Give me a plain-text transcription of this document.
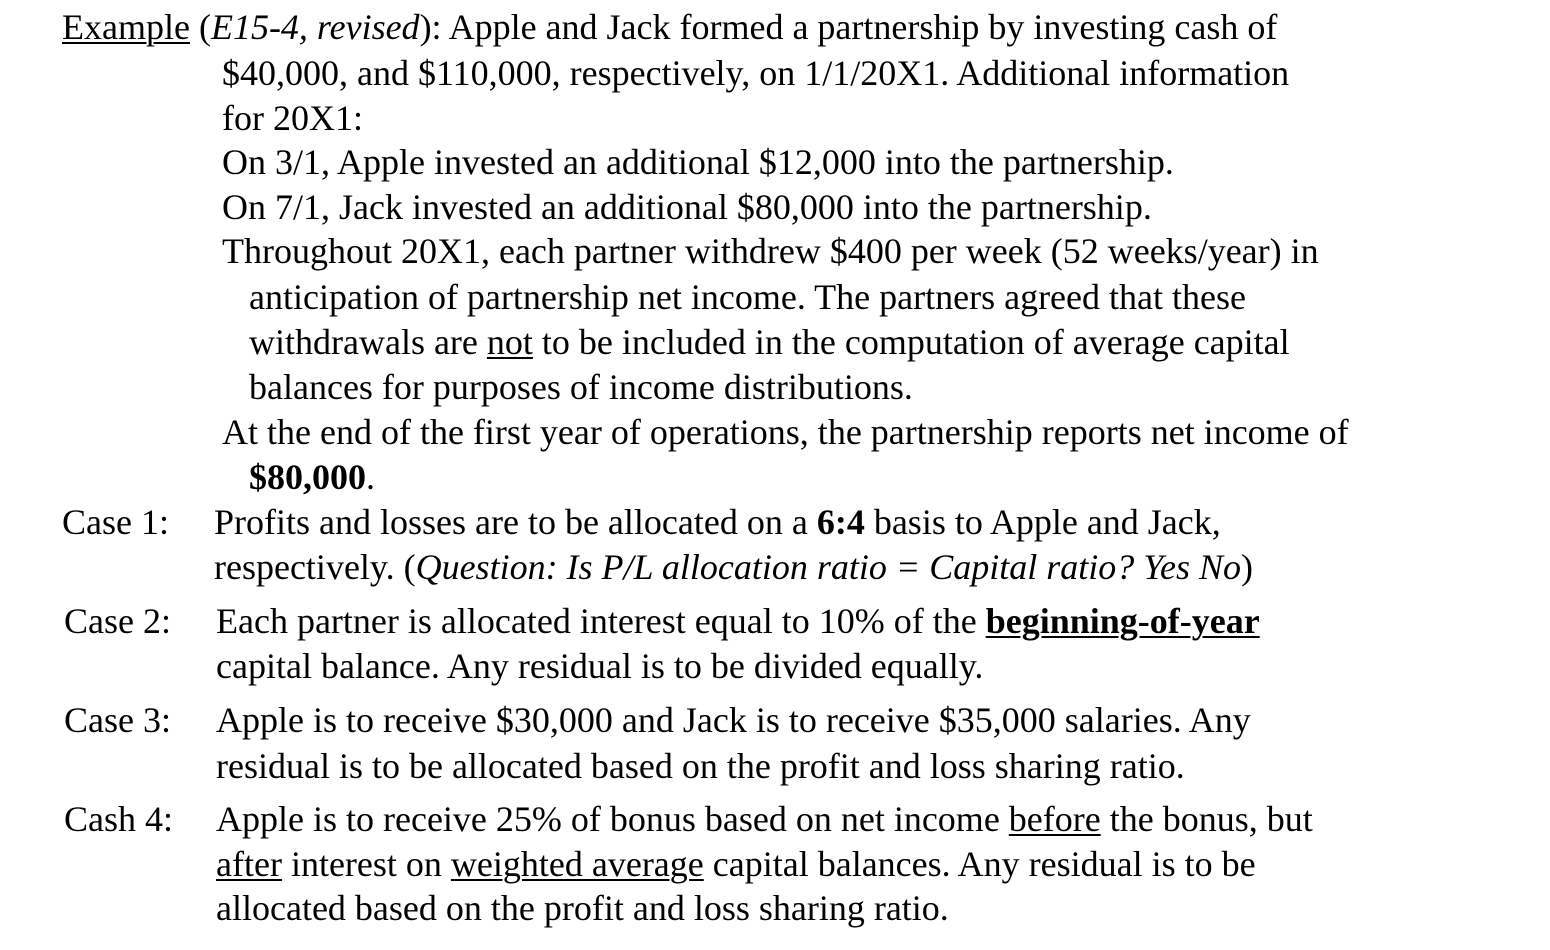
Example (E15-4, revised): Apple and Jack formed a partnership by investing cash of
$40,000, and $110,000, respectively, on 1/1/20X1. Additional information
for 20X1:
On 3/1, Apple invested an additional $12,000 into the partnership.
On 7/1, Jack invested an additional $80,000 into the partnership.
Throughout 20X1, each partner withdrew $400 per week (52 weeks/year) in
anticipation of partnership net income. The partners agreed that these
withdrawals are not to be included in the computation of average capital
balances for purposes of income distributions.
At the end of the first year of operations, the partnership reports net income of
$80,000.
Case 1: Profits and losses are to be allocated on a 6:4 basis to Apple and Jack,
respectively. (Question: Is P/L allocation ratio = Capital ratio? Yes No)
Case 2: Each partner is allocated interest equal to 10% of the beginning-of-year
capital balance. Any residual is to be divided equally.
Case 3: Apple is to receive $30,000 and Jack is to receive $35,000 salaries. Any
residual is to be allocated based on the profit and loss sharing ratio.
Cash 4: Apple is to receive 25% of bonus based on net income before the bonus, but
after interest on weighted average capital balances. Any residual is to be
allocated based on the profit and loss sharing ratio.
